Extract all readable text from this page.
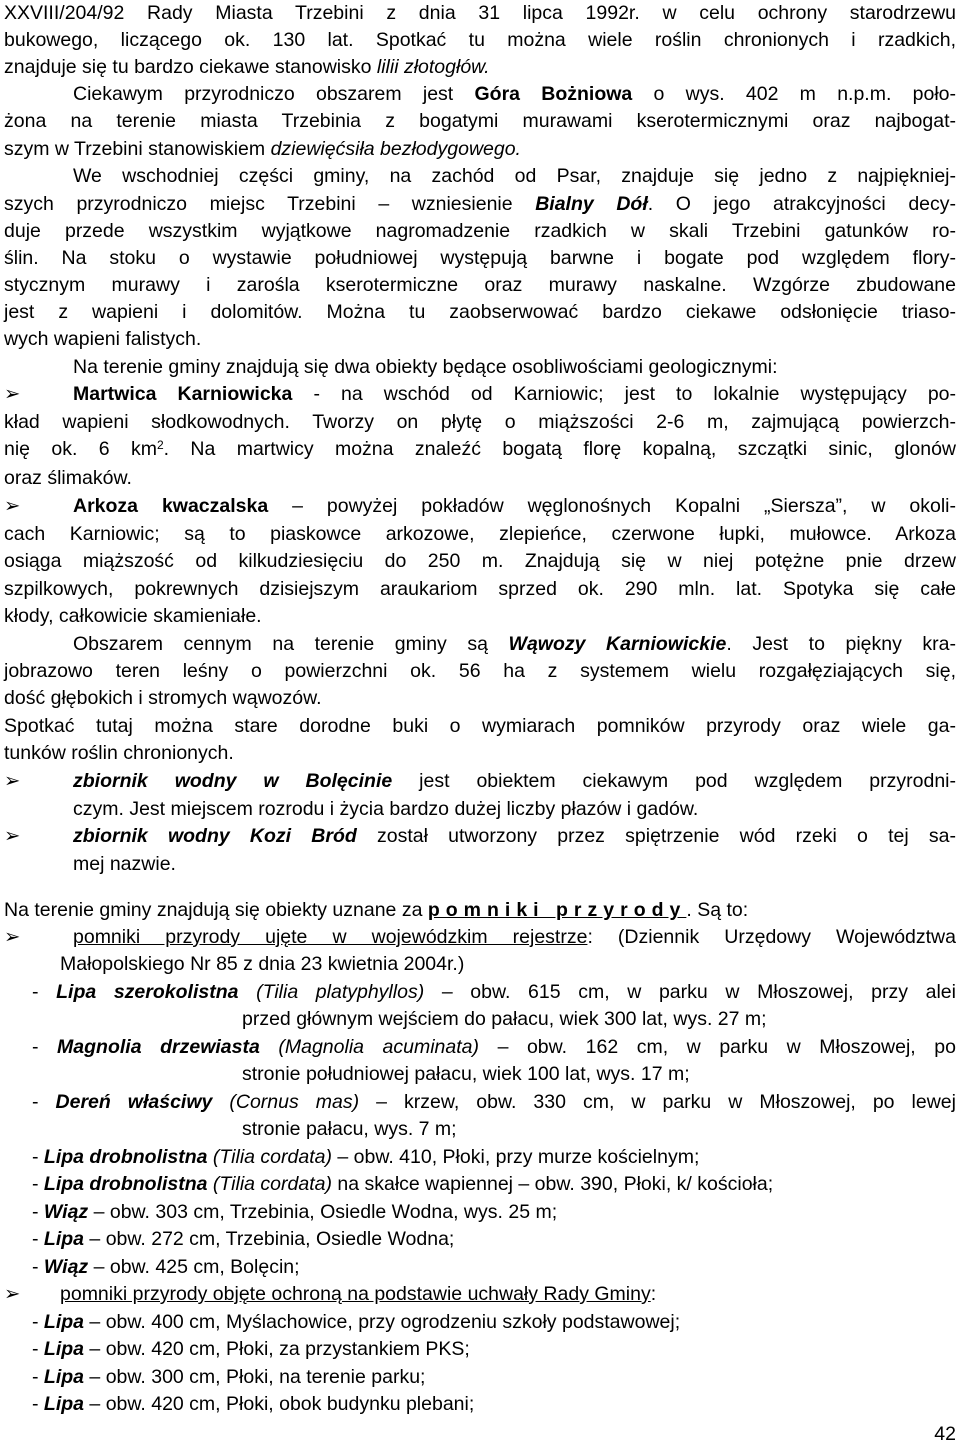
XXVIII/204/92 Rady Miasta Trzebini z dnia 31 lipca 1992r. w celu ochrony starodrzewu
bukowego, liczącego ok. 130 lat. Spotkać tu można wiele roślin chronionych i rzadkich,
znajduje się tu bardzo ciekawe stanowisko lilii złotogłów.
Ciekawym przyrodniczo obszarem jest Góra Bożniowa o wys. 402 m n.p.m. poło-
żona na terenie miasta Trzebinia z bogatymi murawami kserotermicznymi oraz najbogat-
szym w Trzebini stanowiskiem dziewięćsiła bezłodygowego.
We wschodniej części gminy, na zachód od Psar, znajduje się jedno z najpiękniej-
szych przyrodniczo miejsc Trzebini – wzniesienie Bialny Dół. O jego atrakcyjności decy-
duje przede wszystkim wyjątkowe nagromadzenie rzadkich w skali Trzebini gatunków ro-
ślin. Na stoku o wystawie południowej występują barwne i bogate pod względem flory-
stycznym murawy i zarośla kserotermiczne oraz murawy naskalne. Wzgórze zbudowane
jest z wapieni i dolomitów. Można tu zaobserwować bardzo ciekawe odsłonięcie triaso-
wych wapieni falistych.
Na terenie gminy znajdują się dwa obiekty będące osobliwościami geologicznymi:
➢	Martwica Karniowicka - na wschód od Karniowic; jest to lokalnie występujący po-
kład wapieni słodkowodnych. Tworzy on płytę o miąższości 2-6 m, zajmującą powierzch-
nię ok. 6 $km^2$. Na martwicy można znaleźć bogatą florę kopalną, szczątki sinic, glonów
oraz ślimaków.
➢	Arkoza kwaczalska – powyżej pokładów węglonośnych Kopalni „Siersza”, w okoli-
cach Karniowic; są to piaskowce arkozowe, zlepieńce, czerwone łupki, mułowce. Arkoza
osiąga miąższość od kilkudziesięciu do 250 m. Znajdują się w niej potężne pnie drzew
szpilkowych, pokrewnych dzisiejszym araukariom sprzed ok. 290 mln. lat. Spotyka się całe
kłody, całkowicie skamieniałe.
Obszarem cennym na terenie gminy są Wąwozy Karniowickie. Jest to piękny kra-
jobrazowo teren leśny o powierzchni ok. 56 ha z systemem wielu rozgałęziających się,
dość głębokich i stromych wąwozów.
Spotkać tutaj można stare dorodne buki o wymiarach pomników przyrody oraz wiele ga-
tunków roślin chronionych.
➢	zbiornik wodny w Bolęcinie jest obiektem ciekawym pod względem przyrodni-
czym. Jest miejscem rozrodu i życia bardzo dużej liczby płazów i gadów.
➢	zbiornik wodny Kozi Bród został utworzony przez spiętrzenie wód rzeki o tej sa-
mej nazwie.
Na terenie gminy znajdują się obiekty uznane za pomniki przyrody. Są to:
➢	pomniki przyrody ujęte w wojewódzkim rejestrze: (Dziennik Urzędowy Województwa
Małopolskiego Nr 85 z dnia 23 kwietnia 2004r.)
- Lipa szerokolistna (Tilia platyphyllos) – obw. 615 cm, w parku w Młoszowej, przy alei
przed głównym wejściem do pałacu, wiek 300 lat, wys. 27 m;
- Magnolia drzewiasta (Magnolia acuminata) – obw. 162 cm, w parku w Młoszowej, po
stronie południowej pałacu, wiek 100 lat, wys. 17 m;
- Dereń właściwy (Cornus mas) – krzew, obw. 330 cm, w parku w Młoszowej, po lewej
stronie pałacu, wys. 7 m;
- Lipa drobnolistna (Tilia cordata) – obw. 410, Płoki, przy murze kościelnym;
- Lipa drobnolistna (Tilia cordata) na skałce wapiennej – obw. 390, Płoki, k/ kościoła;
- Wiąz – obw. 303 cm, Trzebinia, Osiedle Wodna, wys. 25 m;
- Lipa – obw. 272 cm, Trzebinia, Osiedle Wodna;
- Wiąz – obw. 425 cm, Bolęcin;
➢ pomniki przyrody objęte ochroną na podstawie uchwały Rady Gminy:
- Lipa – obw. 400 cm, Myślachowice, przy ogrodzeniu szkoły podstawowej;
- Lipa – obw. 420 cm, Płoki, za przystankiem PKS;
- Lipa – obw. 300 cm, Płoki, na terenie parku;
- Lipa – obw. 420 cm, Płoki, obok budynku plebani;
42
